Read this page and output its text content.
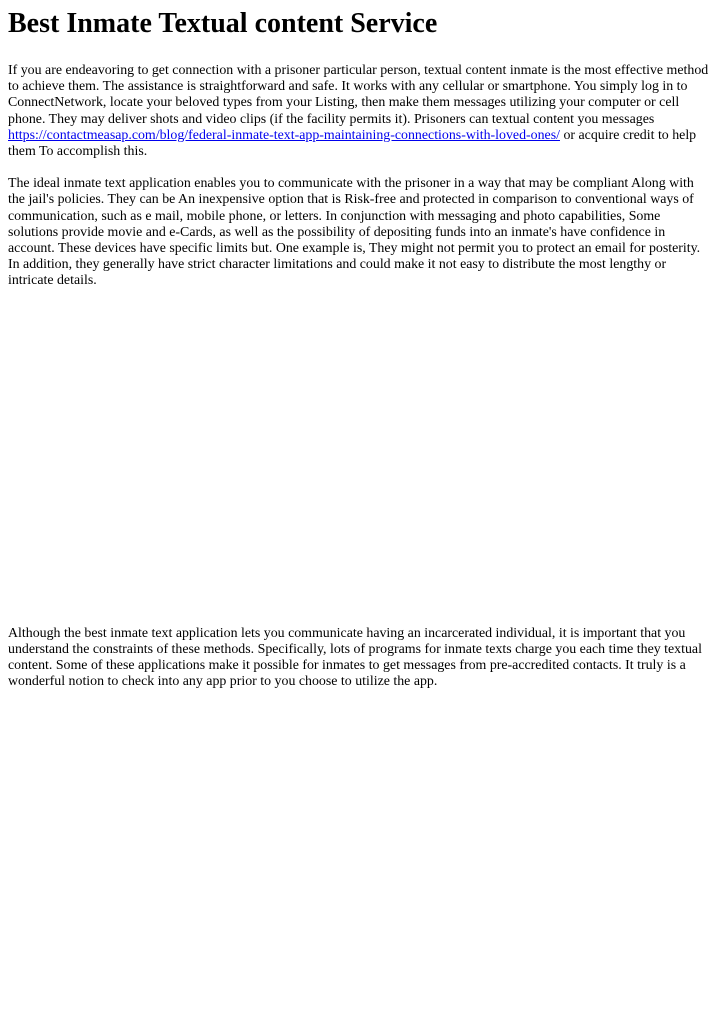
Best Inmate Textual content Service

If you are endeavoring to get connection with a prisoner particular person, textual content inmate is the most effective method to achieve them. The assistance is straightforward and safe. It works with any cellular or smartphone. You simply log in to ConnectNetwork, locate your beloved types from your Listing, then make them messages utilizing your computer or cell phone. They may deliver shots and video clips (if the facility permits it). Prisoners can textual content you messages https://contactmeasap.com/blog/federal-inmate-text-app-maintaining-connections-with-loved-ones/ or acquire credit to help them To accomplish this.

The ideal inmate text application enables you to communicate with the prisoner in a way that may be compliant Along with the jail's policies. They can be An inexpensive option that is Risk-free and protected in comparison to conventional ways of communication, such as e mail, mobile phone, or letters. In conjunction with messaging and photo capabilities, Some solutions provide movie and e-Cards, as well as the possibility of depositing funds into an inmate's have confidence in account. These devices have specific limits but. One example is, They might not permit you to protect an email for posterity. In addition, they generally have strict character limitations and could make it not easy to distribute the most lengthy or intricate details.

Although the best inmate text application lets you communicate having an incarcerated individual, it is important that you understand the constraints of these methods. Specifically, lots of programs for inmate texts charge you each time they textual content. Some of these applications make it possible for inmates to get messages from pre-accredited contacts. It truly is a wonderful notion to check into any app prior to you choose to utilize the app.
